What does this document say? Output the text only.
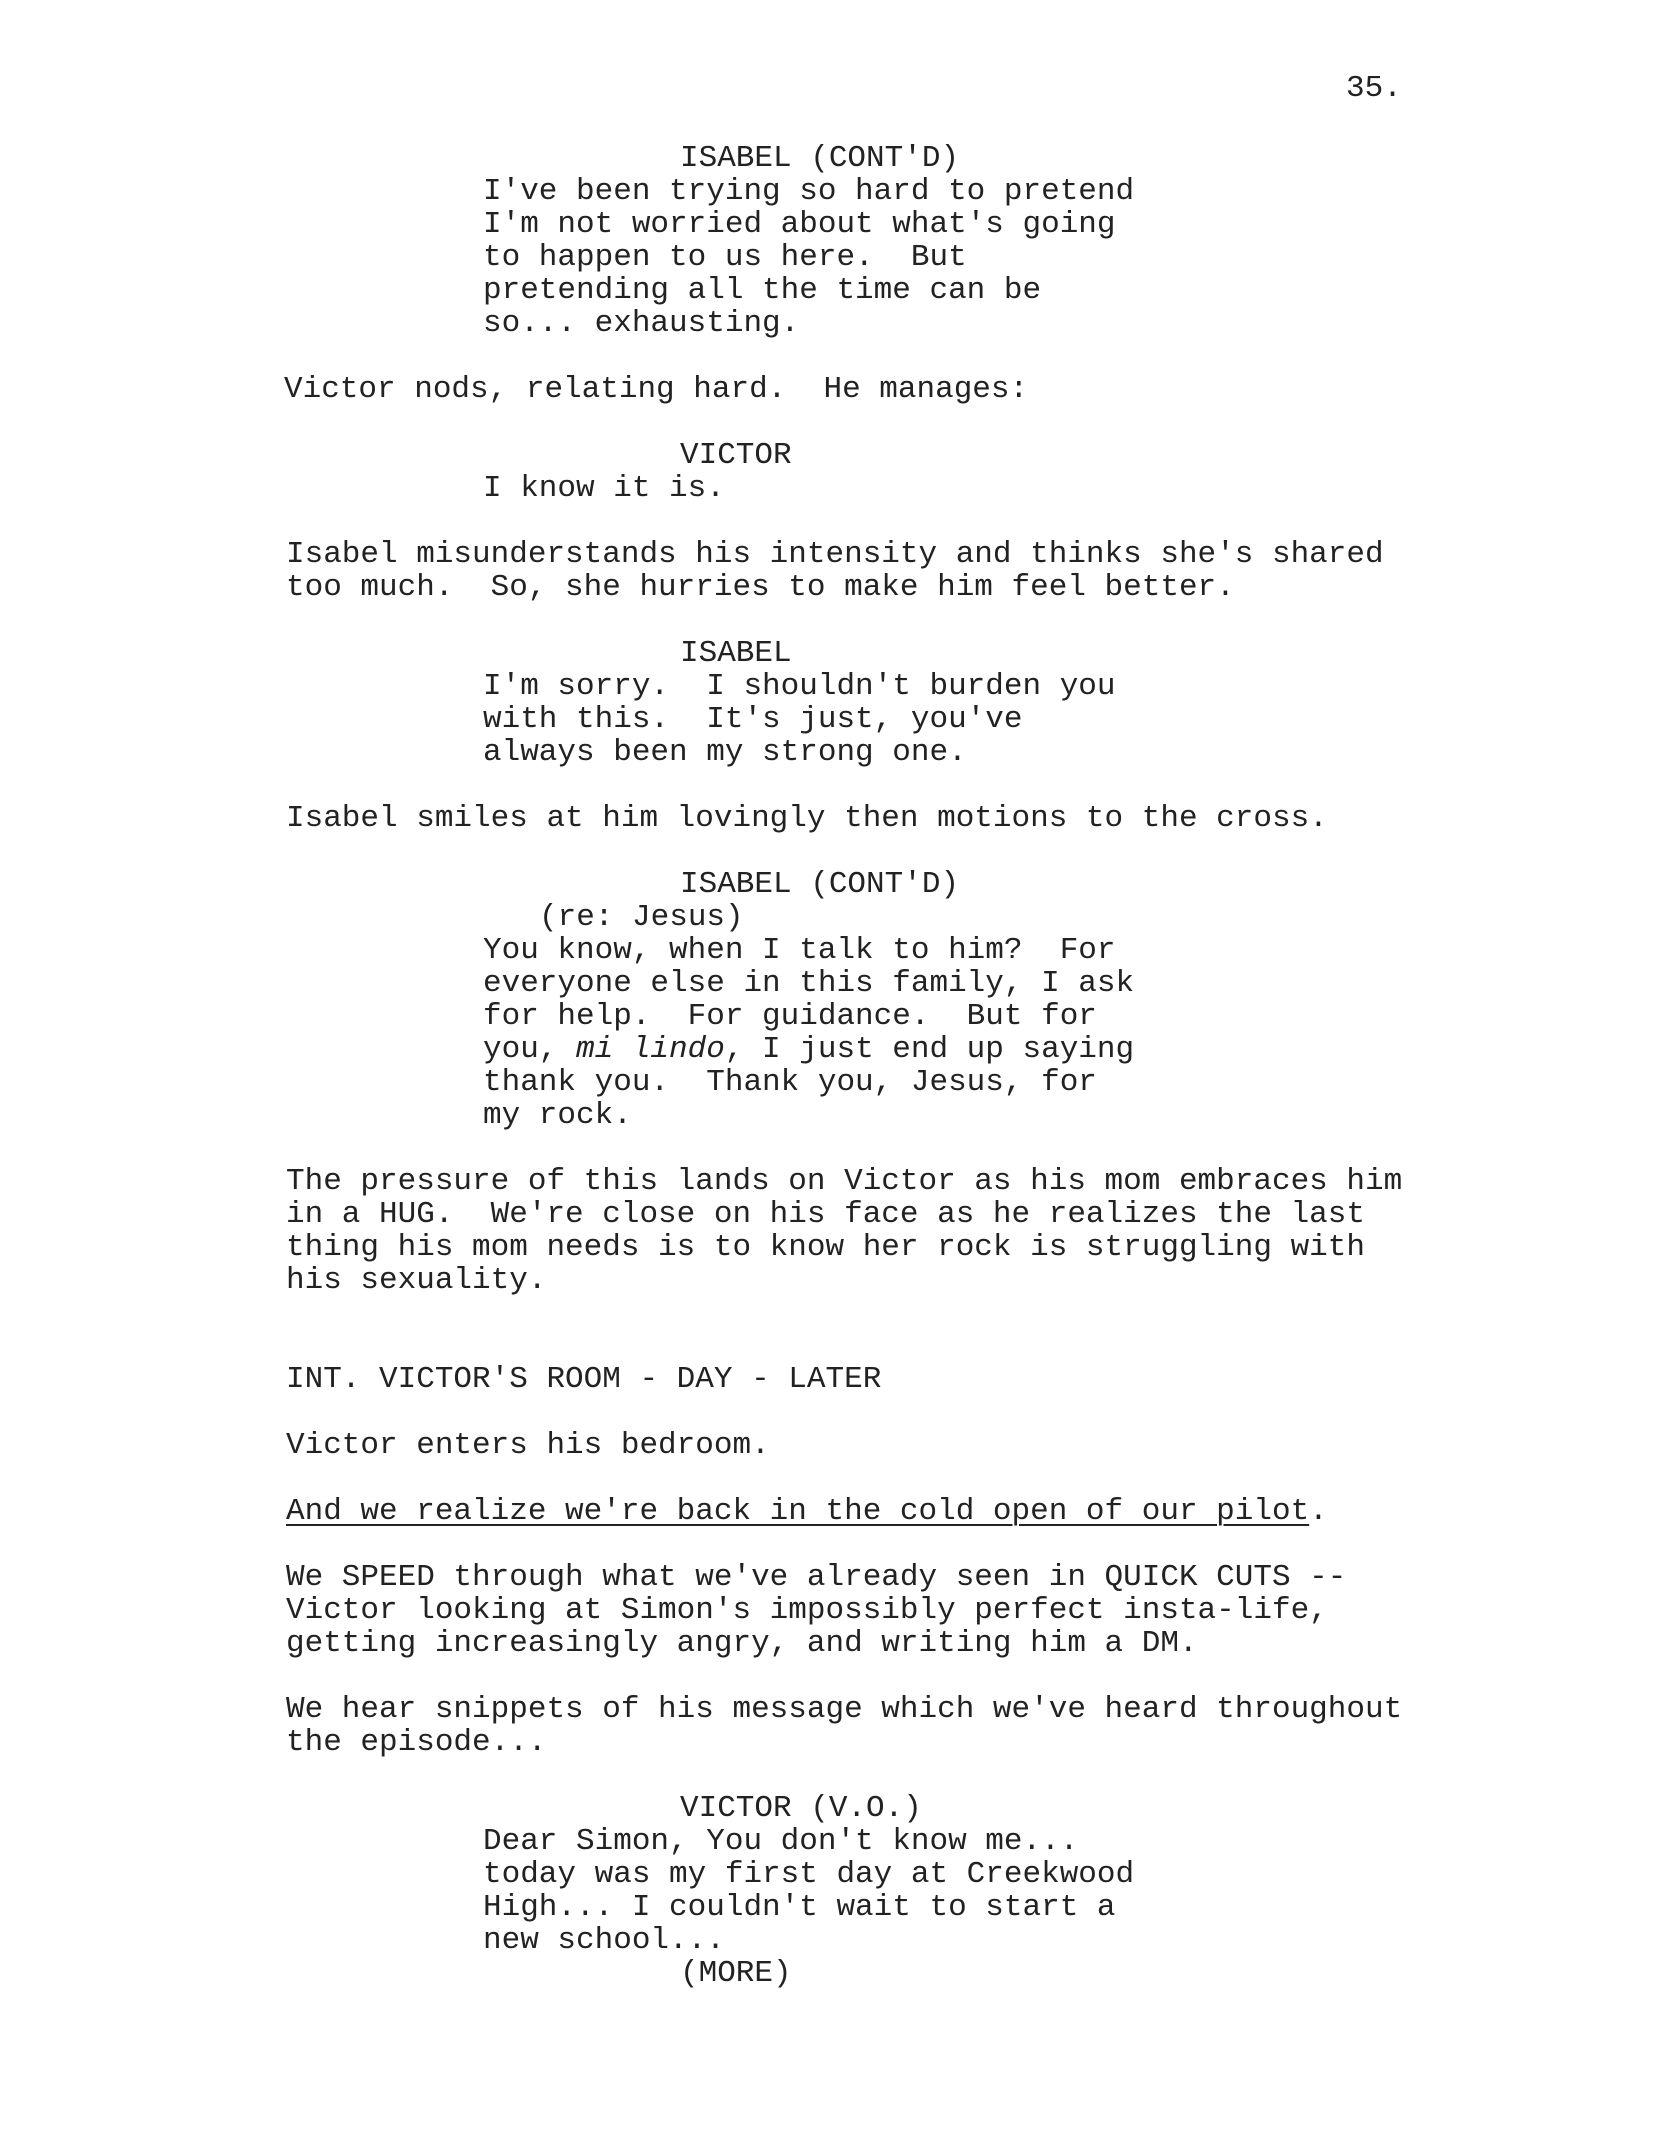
35.
ISABEL (CONT'D)
I've been trying so hard to pretend
I'm not worried about what's going
to happen to us here.  But
pretending all the time can be
so... exhausting.
Victor nods, relating hard.  He manages:
VICTOR
I know it is.
Isabel misunderstands his intensity and thinks she's shared
too much.  So, she hurries to make him feel better.
ISABEL
I'm sorry.  I shouldn't burden you
with this.  It's just, you've
always been my strong one.
Isabel smiles at him lovingly then motions to the cross.
ISABEL (CONT'D)
(re: Jesus)
You know, when I talk to him?  For
everyone else in this family, I ask
for help.  For guidance.  But for
you, mi lindo, I just end up saying
thank you.  Thank you, Jesus, for
my rock.
The pressure of this lands on Victor as his mom embraces him
in a HUG.  We're close on his face as he realizes the last
thing his mom needs is to know her rock is struggling with
his sexuality.
INT. VICTOR'S ROOM - DAY - LATER
Victor enters his bedroom.
And we realize we're back in the cold open of our pilot.
We SPEED through what we've already seen in QUICK CUTS --
Victor looking at Simon's impossibly perfect insta-life,
getting increasingly angry, and writing him a DM.
We hear snippets of his message which we've heard throughout
the episode...
VICTOR (V.O.)
Dear Simon, You don't know me...
today was my first day at Creekwood
High... I couldn't wait to start a
new school...
(MORE)
